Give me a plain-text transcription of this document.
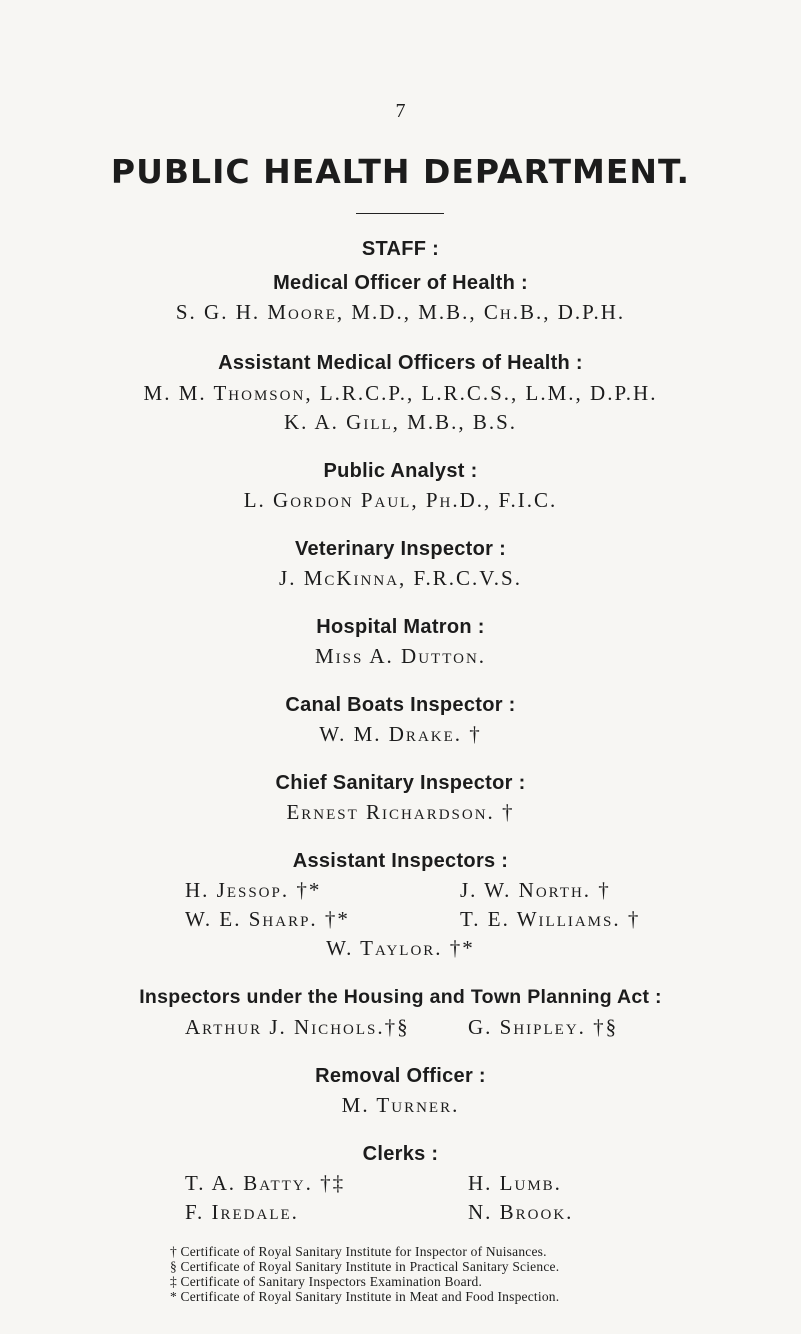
7
PUBLIC HEALTH DEPARTMENT.
STAFF :
Medical Officer of Health :
S. G. H. Moore, M.D., M.B., Ch.B., D.P.H.
Assistant Medical Officers of Health :
M. M. Thomson, L.R.C.P., L.R.C.S., L.M., D.P.H.
K. A. Gill, M.B., B.S.
Public Analyst :
L. Gordon Paul, Ph.D., F.I.C.
Veterinary Inspector :
J. McKinna, F.R.C.V.S.
Hospital Matron :
Miss A. Dutton.
Canal Boats Inspector :
W. M. Drake. †
Chief Sanitary Inspector :
Ernest Richardson. †
Assistant Inspectors :
H. Jessop. †*	J. W. North. †
W. E. Sharp. †*	T. E. Williams. †
W. Taylor. †*
Inspectors under the Housing and Town Planning Act :
Arthur J. Nichols.†§	G. Shipley. †§
Removal Officer :
M. Turner.
Clerks :
T. A. Batty. †‡	H. Lumb.
F. Iredale.	N. Brook.
† Certificate of Royal Sanitary Institute for Inspector of Nuisances.
§ Certificate of Royal Sanitary Institute in Practical Sanitary Science.
‡ Certificate of Sanitary Inspectors Examination Board.
* Certificate of Royal Sanitary Institute in Meat and Food Inspection.
